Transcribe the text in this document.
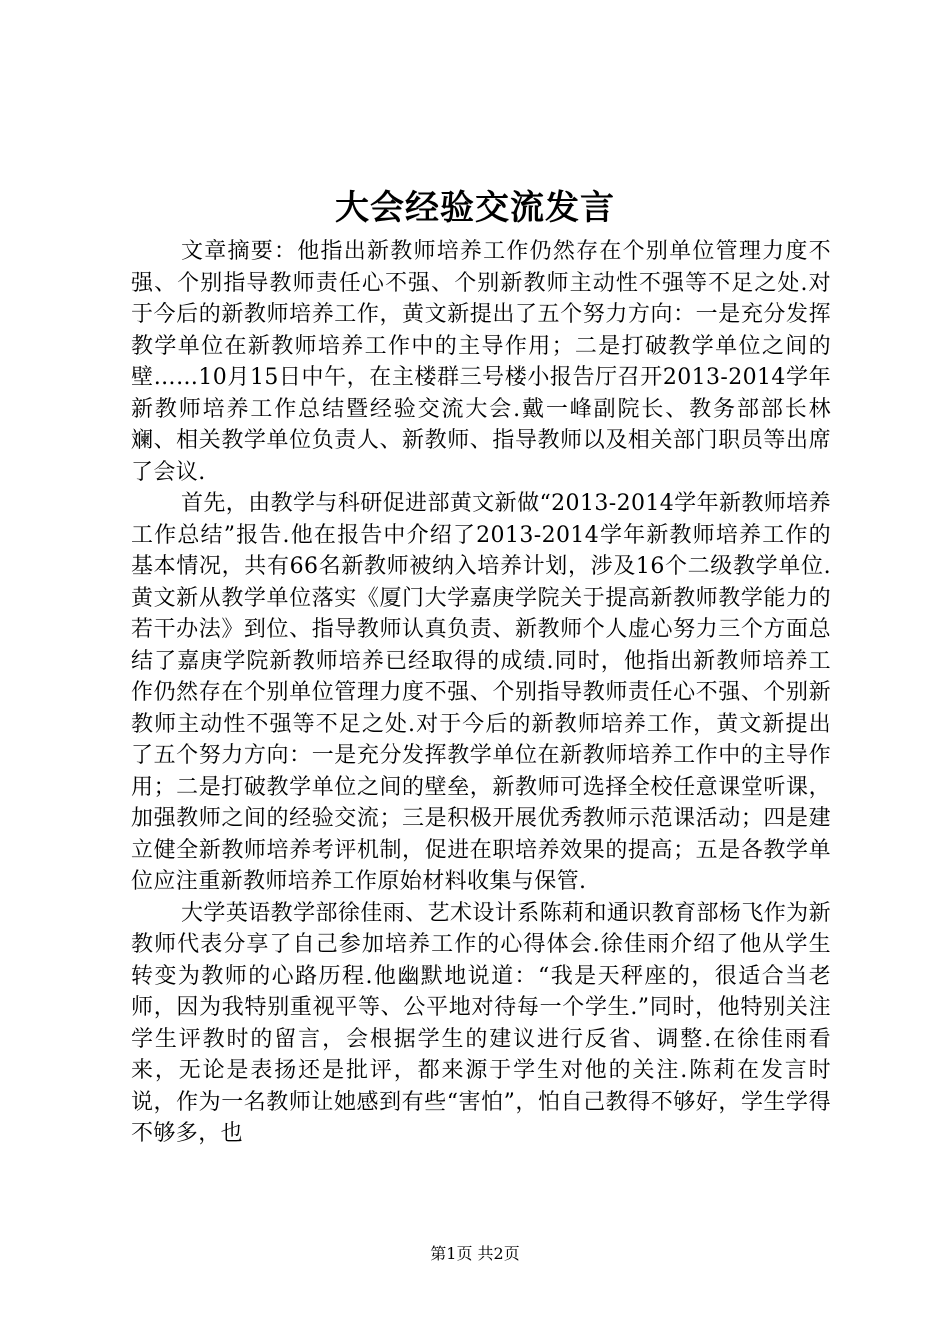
大会经验交流发言

文章摘要：他指出新教师培养工作仍然存在个别单位管理力度不强、个别指导教师责任心不强、个别新教师主动性不强等不足之处.对于今后的新教师培养工作，黄文新提出了五个努力方向：一是充分发挥教学单位在新教师培养工作中的主导作用；二是打破教学单位之间的壁……10月15日中午，在主楼群三号楼小报告厅召开2013-2014学年新教师培养工作总结暨经验交流大会.戴一峰副院长、教务部部长林斓、相关教学单位负责人、新教师、指导教师以及相关部门职员等出席了会议.

首先，由教学与科研促进部黄文新做“2013-2014学年新教师培养工作总结”报告.他在报告中介绍了2013-2014学年新教师培养工作的基本情况，共有66名新教师被纳入培养计划，涉及16个二级教学单位.黄文新从教学单位落实《厦门大学嘉庚学院关于提高新教师教学能力的若干办法》到位、指导教师认真负责、新教师个人虚心努力三个方面总结了嘉庚学院新教师培养已经取得的成绩.同时，他指出新教师培养工作仍然存在个别单位管理力度不强、个别指导教师责任心不强、个别新教师主动性不强等不足之处.对于今后的新教师培养工作，黄文新提出了五个努力方向：一是充分发挥教学单位在新教师培养工作中的主导作用；二是打破教学单位之间的壁垒，新教师可选择全校任意课堂听课，加强教师之间的经验交流；三是积极开展优秀教师示范课活动；四是建立健全新教师培养考评机制，促进在职培养效果的提高；五是各教学单位应注重新教师培养工作原始材料收集与保管.

大学英语教学部徐佳雨、艺术设计系陈莉和通识教育部杨飞作为新教师代表分享了自己参加培养工作的心得体会.徐佳雨介绍了他从学生转变为教师的心路历程.他幽默地说道：“我是天秤座的，很适合当老师，因为我特别重视平等、公平地对待每一个学生.”同时，他特别关注学生评教时的留言，会根据学生的建议进行反省、调整.在徐佳雨看来，无论是表扬还是批评，都来源于学生对他的关注.陈莉在发言时说，作为一名教师让她感到有些“害怕”，怕自己教得不够好，学生学得不够多，也

第1页 共2页
